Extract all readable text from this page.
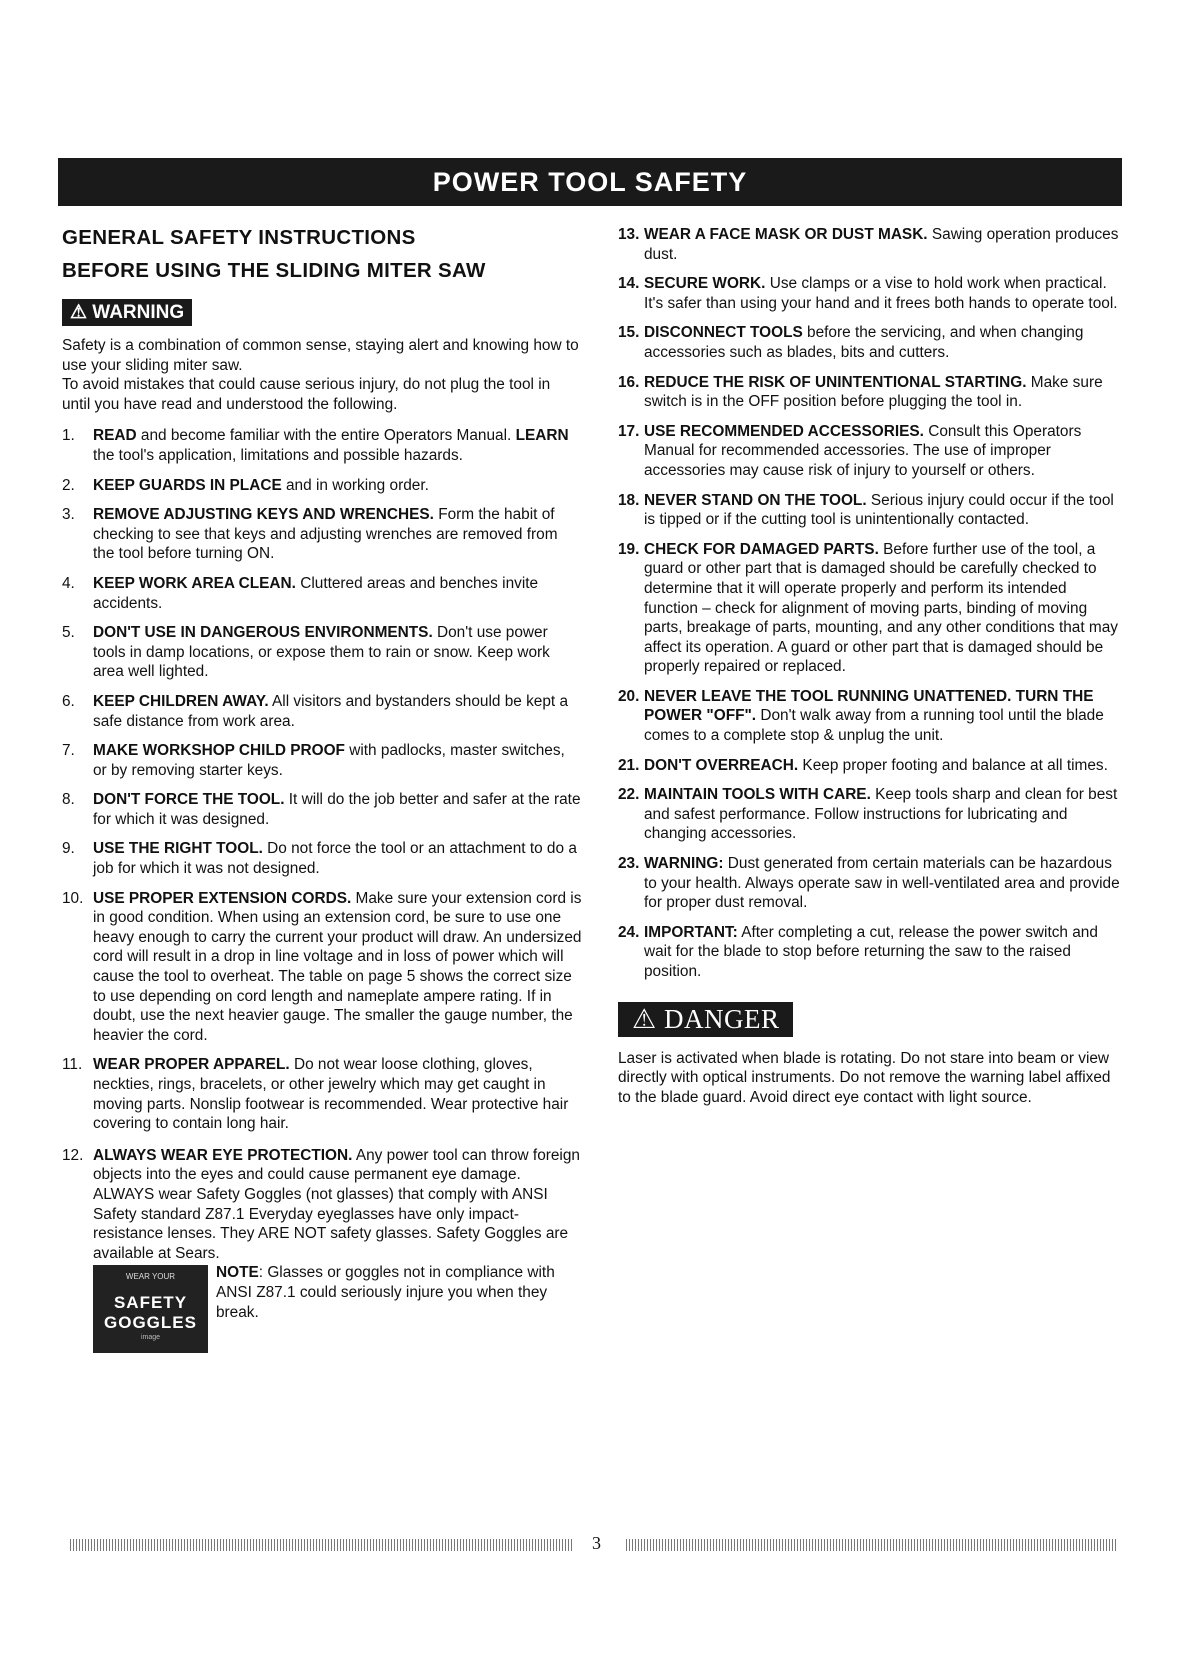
POWER TOOL SAFETY
GENERAL SAFETY INSTRUCTIONS
BEFORE USING THE SLIDING MITER SAW
⚠ WARNING

Safety is a combination of common sense, staying alert and knowing how to use your sliding miter saw.

To avoid mistakes that could cause serious injury, do not plug the tool in until you have read and understood the following.

1. READ and become familiar with the entire Operators Manual. LEARN the tool's application, limitations and possible hazards.
2. KEEP GUARDS IN PLACE and in working order.
3. REMOVE ADJUSTING KEYS AND WRENCHES. Form the habit of checking to see that keys and adjusting wrenches are removed from the tool before turning ON.
4. KEEP WORK AREA CLEAN. Cluttered areas and benches invite accidents.
5. DON'T USE IN DANGEROUS ENVIRONMENTS. Don't use power tools in damp locations, or expose them to rain or snow. Keep work area well lighted.
6. KEEP CHILDREN AWAY. All visitors and bystanders should be kept a safe distance from work area.
7. MAKE WORKSHOP CHILD PROOF with padlocks, master switches, or by removing starter keys.
8. DON'T FORCE THE TOOL. It will do the job better and safer at the rate for which it was designed.
9. USE THE RIGHT TOOL. Do not force the tool or an attachment to do a job for which it was not designed.
10. USE PROPER EXTENSION CORDS. Make sure your extension cord is in good condition. When using an extension cord, be sure to use one heavy enough to carry the current your product will draw. An undersized cord will result in a drop in line voltage and in loss of power which will cause the tool to overheat. The table on page 5 shows the correct size to use depending on cord length and nameplate ampere rating. If in doubt, use the next heavier gauge. The smaller the gauge number, the heavier the cord.
11. WEAR PROPER APPAREL. Do not wear loose clothing, gloves, neckties, rings, bracelets, or other jewelry which may get caught in moving parts. Nonslip footwear is recommended. Wear protective hair covering to contain long hair.
12. ALWAYS WEAR EYE PROTECTION. Any power tool can throw foreign objects into the eyes and could cause permanent eye damage. ALWAYS wear Safety Goggles (not glasses) that comply with ANSI Safety standard Z87.1 Everyday eyeglasses have only impact-resistance lenses. They ARE NOT safety glasses. Safety Goggles are available at Sears.
WEAR YOUR
SAFETY GOGGLES
image
NOTE: Glasses or goggles not in compliance with ANSI Z87.1 could seriously injure you when they break.
13. WEAR A FACE MASK OR DUST MASK. Sawing operation produces dust.
14. SECURE WORK. Use clamps or a vise to hold work when practical. It's safer than using your hand and it frees both hands to operate tool.
15. DISCONNECT TOOLS before the servicing, and when changing accessories such as blades, bits and cutters.
16. REDUCE THE RISK OF UNINTENTIONAL STARTING. Make sure switch is in the OFF position before plugging the tool in.
17. USE RECOMMENDED ACCESSORIES. Consult this Operators Manual for recommended accessories. The use of improper accessories may cause risk of injury to yourself or others.
18. NEVER STAND ON THE TOOL. Serious injury could occur if the tool is tipped or if the cutting tool is unintentionally contacted.
19. CHECK FOR DAMAGED PARTS. Before further use of the tool, a guard or other part that is damaged should be carefully checked to determine that it will operate properly and perform its intended function – check for alignment of moving parts, binding of moving parts, breakage of parts, mounting, and any other conditions that may affect its operation. A guard or other part that is damaged should be properly repaired or replaced.
20. NEVER LEAVE THE TOOL RUNNING UNATTENED. TURN THE POWER "OFF". Don't walk away from a running tool until the blade comes to a complete stop & unplug the unit.
21. DON'T OVERREACH. Keep proper footing and balance at all times.
22. MAINTAIN TOOLS WITH CARE. Keep tools sharp and clean for best and safest performance. Follow instructions for lubricating and changing accessories.
23. WARNING: Dust generated from certain materials can be hazardous to your health. Always operate saw in well-ventilated area and provide for proper dust removal.
24. IMPORTANT: After completing a cut, release the power switch and wait for the blade to stop before returning the saw to the raised position.
⚠ DANGER

Laser is activated when blade is rotating. Do not stare into beam or view directly with optical instruments. Do not remove the warning label affixed to the blade guard. Avoid direct eye contact with light source.

3
